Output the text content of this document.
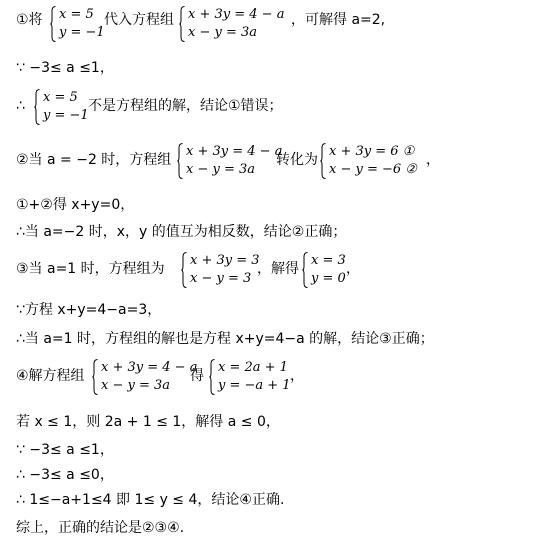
①将 x = 5
y = −1
代入方程组 x + 3y = 4 − a
x − y = 3a
，可解得 a=2,
∵ −3≤ a ≤1，
∴
x = 5
y = −1
不是方程组的解，结论①错误；
②当 a = −2 时，方程组
x + 3y = 4 − a
x − y = 3a
转化为
x + 3y = 6 ①
x − y = −6 ②
，
①+②得 x+y=0，
∴当 a=−2 时，x，y 的值互为相反数，结论②正确；
③当 a=1 时，方程组为
x + 3y = 3
x − y = 3
，解得
x = 3
y = 0
，
∵方程 x+y=4−a=3，
∴当 a=1 时，方程组的解也是方程 x+y=4−a 的解，结论③正确；
④解方程组
x + 3y = 4 − a
x − y = 3a
得
x = 2a + 1
y = −a + 1
，
若 x ≤ 1，则 2a + 1 ≤ 1，解得 a ≤ 0，
∵ −3≤ a ≤1，
∴ −3≤ a ≤0，
∴ 1≤−a+1≤4 即 1≤ y ≤ 4，结论④正确.
综上，正确的结论是②③④.
